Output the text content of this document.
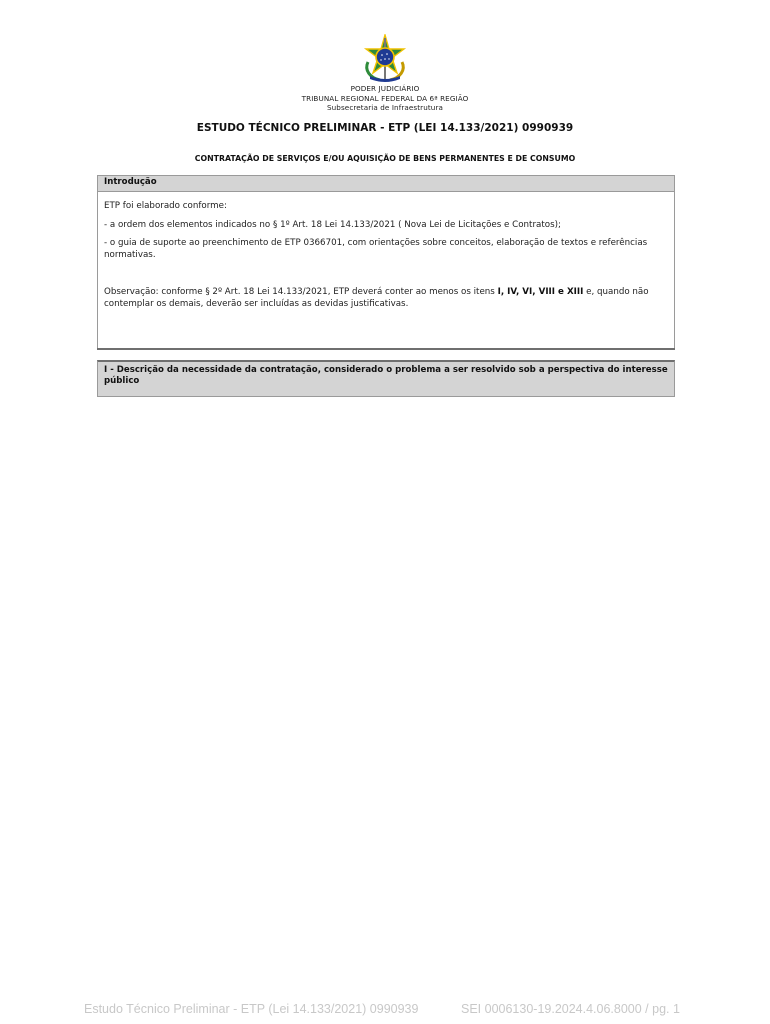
PODER JUDICIÁRIO
TRIBUNAL REGIONAL FEDERAL DA 6ª REGIÃO
Subsecretaria de Infraestrutura
ESTUDO TÉCNICO PRELIMINAR - ETP (LEI 14.133/2021) 0990939
CONTRATAÇÃO DE SERVIÇOS E/OU AQUISIÇÃO DE BENS PERMANENTES E DE CONSUMO
Introdução

ETP foi elaborado conforme:

- a ordem dos elementos indicados no § 1º Art. 18 Lei 14.133/2021 ( Nova Lei de Licitações e Contratos);

- o guia de suporte ao preenchimento de ETP 0366701, com orientações sobre conceitos, elaboração de textos e referências normativas.

Observação: conforme § 2º Art. 18 Lei 14.133/2021, ETP deverá conter ao menos os itens I, IV, VI, VIII e XIII e, quando não contemplar os demais, deverão ser incluídas as devidas justificativas.

I - Descrição da necessidade da contratação, considerado o problema a ser resolvido sob a perspectiva do interesse público
Estudo Técnico Preliminar - ETP (Lei 14.133/2021) 0990939	SEI 0006130-19.2024.4.06.8000 / pg. 1
